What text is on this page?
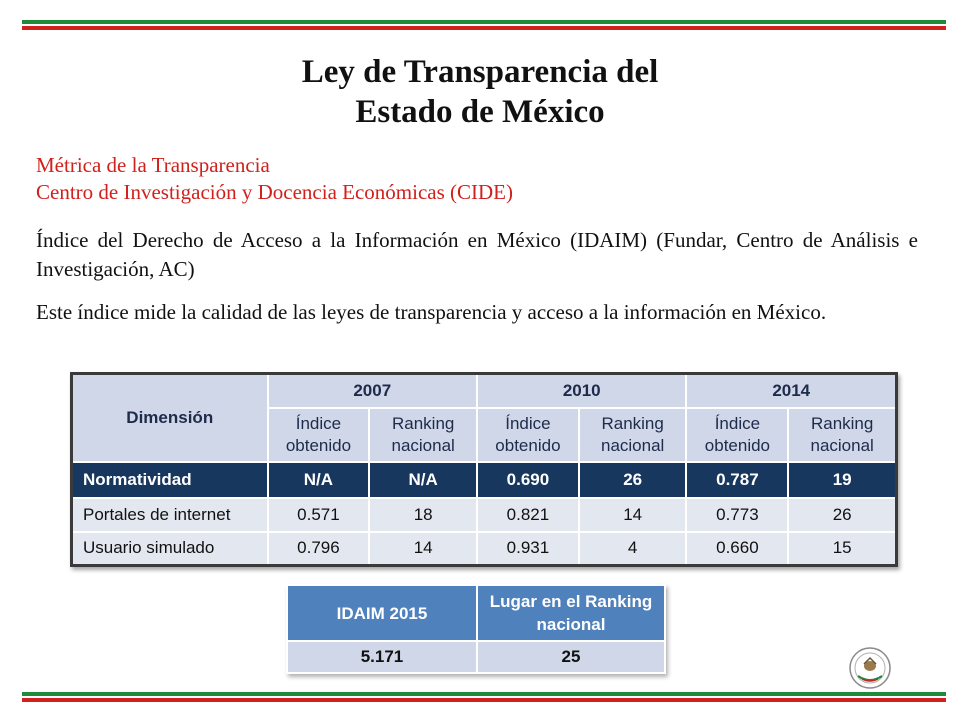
Ley de Transparencia del
Estado de México
Métrica de la Transparencia
Centro de Investigación y Docencia Económicas (CIDE)

Índice del Derecho de Acceso a la Información en México (IDAIM) (Fundar, Centro de Análisis e Investigación, AC)

Este índice mide la calidad de las leyes de transparencia y acceso a la información en México.

Dimensión	2007		2010		2014	
	Índice obtenido	Ranking nacional	Índice obtenido	Ranking nacional	Índice obtenido	Ranking nacional
Normatividad	N/A	N/A	0.690	26	0.787	19
Portales de internet	0.571	18	0.821	14	0.773	26
Usuario simulado	0.796	14	0.931	4	0.660	15
IDAIM 2015	Lugar en el Ranking nacional
5.171	25
